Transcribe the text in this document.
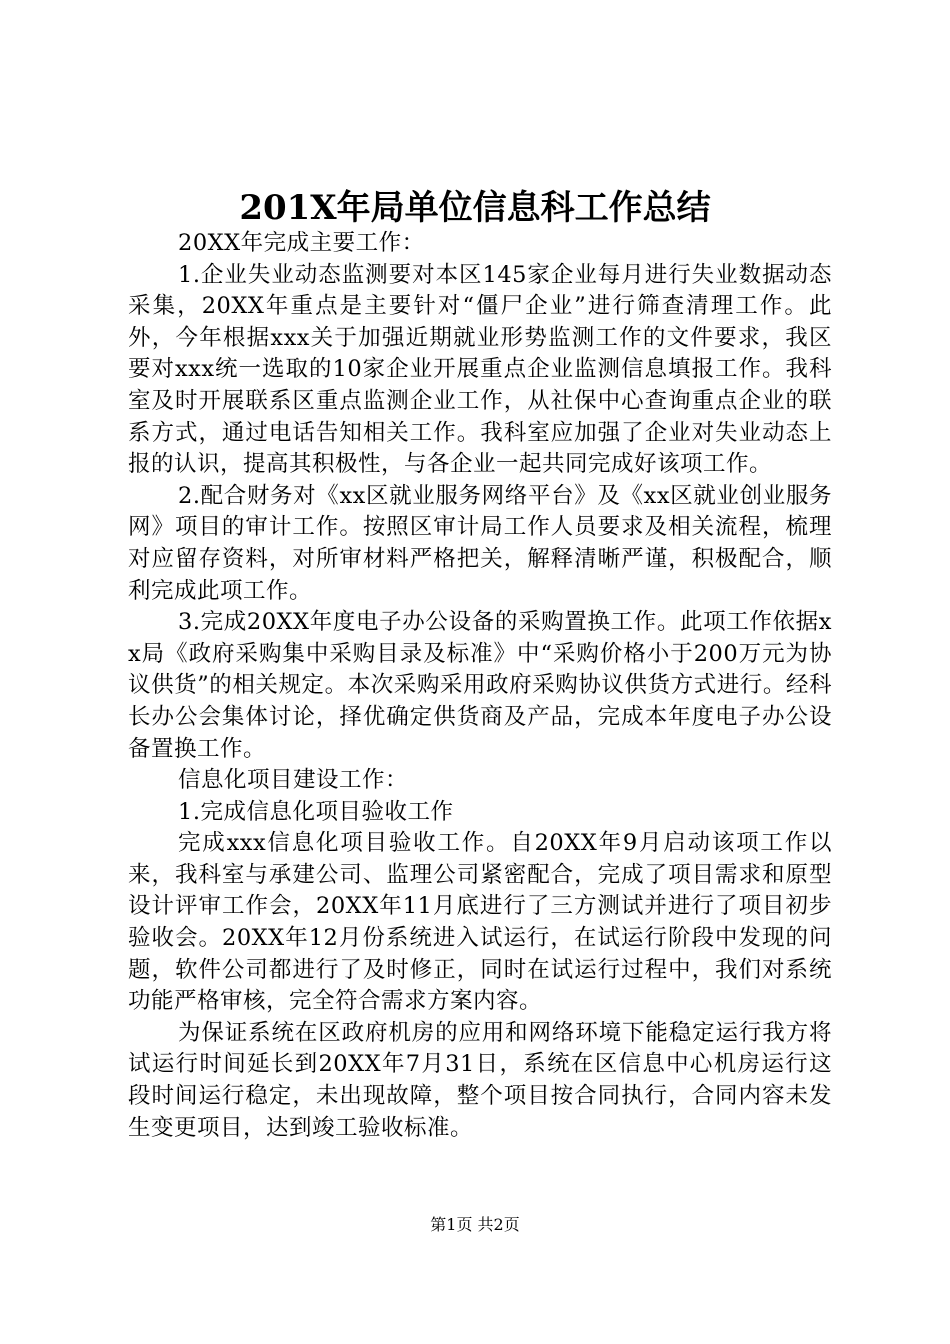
201X年局单位信息科工作总结

20XX年完成主要工作：

1.企业失业动态监测要对本区145家企业每月进行失业数据动态采集，20XX年重点是主要针对“僵尸企业”进行筛查清理工作。此外，今年根据xxx关于加强近期就业形势监测工作的文件要求，我区要对xxx统一选取的10家企业开展重点企业监测信息填报工作。我科室及时开展联系区重点监测企业工作，从社保中心查询重点企业的联系方式，通过电话告知相关工作。我科室应加强了企业对失业动态上报的认识，提高其积极性，与各企业一起共同完成好该项工作。

2.配合财务对《xx区就业服务网络平台》及《xx区就业创业服务网》项目的审计工作。按照区审计局工作人员要求及相关流程，梳理对应留存资料，对所审材料严格把关，解释清晰严谨，积极配合，顺利完成此项工作。

3.完成20XX年度电子办公设备的采购置换工作。此项工作依据xx局《政府采购集中采购目录及标准》中“采购价格小于200万元为协议供货”的相关规定。本次采购采用政府采购协议供货方式进行。经科长办公会集体讨论，择优确定供货商及产品，完成本年度电子办公设备置换工作。

信息化项目建设工作：

1.完成信息化项目验收工作

完成xxx信息化项目验收工作。自20XX年9月启动该项工作以来，我科室与承建公司、监理公司紧密配合，完成了项目需求和原型设计评审工作会，20XX年11月底进行了三方测试并进行了项目初步验收会。20XX年12月份系统进入试运行，在试运行阶段中发现的问题，软件公司都进行了及时修正，同时在试运行过程中，我们对系统功能严格审核，完全符合需求方案内容。

为保证系统在区政府机房的应用和网络环境下能稳定运行我方将试运行时间延长到20XX年7月31日，系统在区信息中心机房运行这段时间运行稳定，未出现故障，整个项目按合同执行，合同内容未发生变更项目，达到竣工验收标准。

第1页 共2页
